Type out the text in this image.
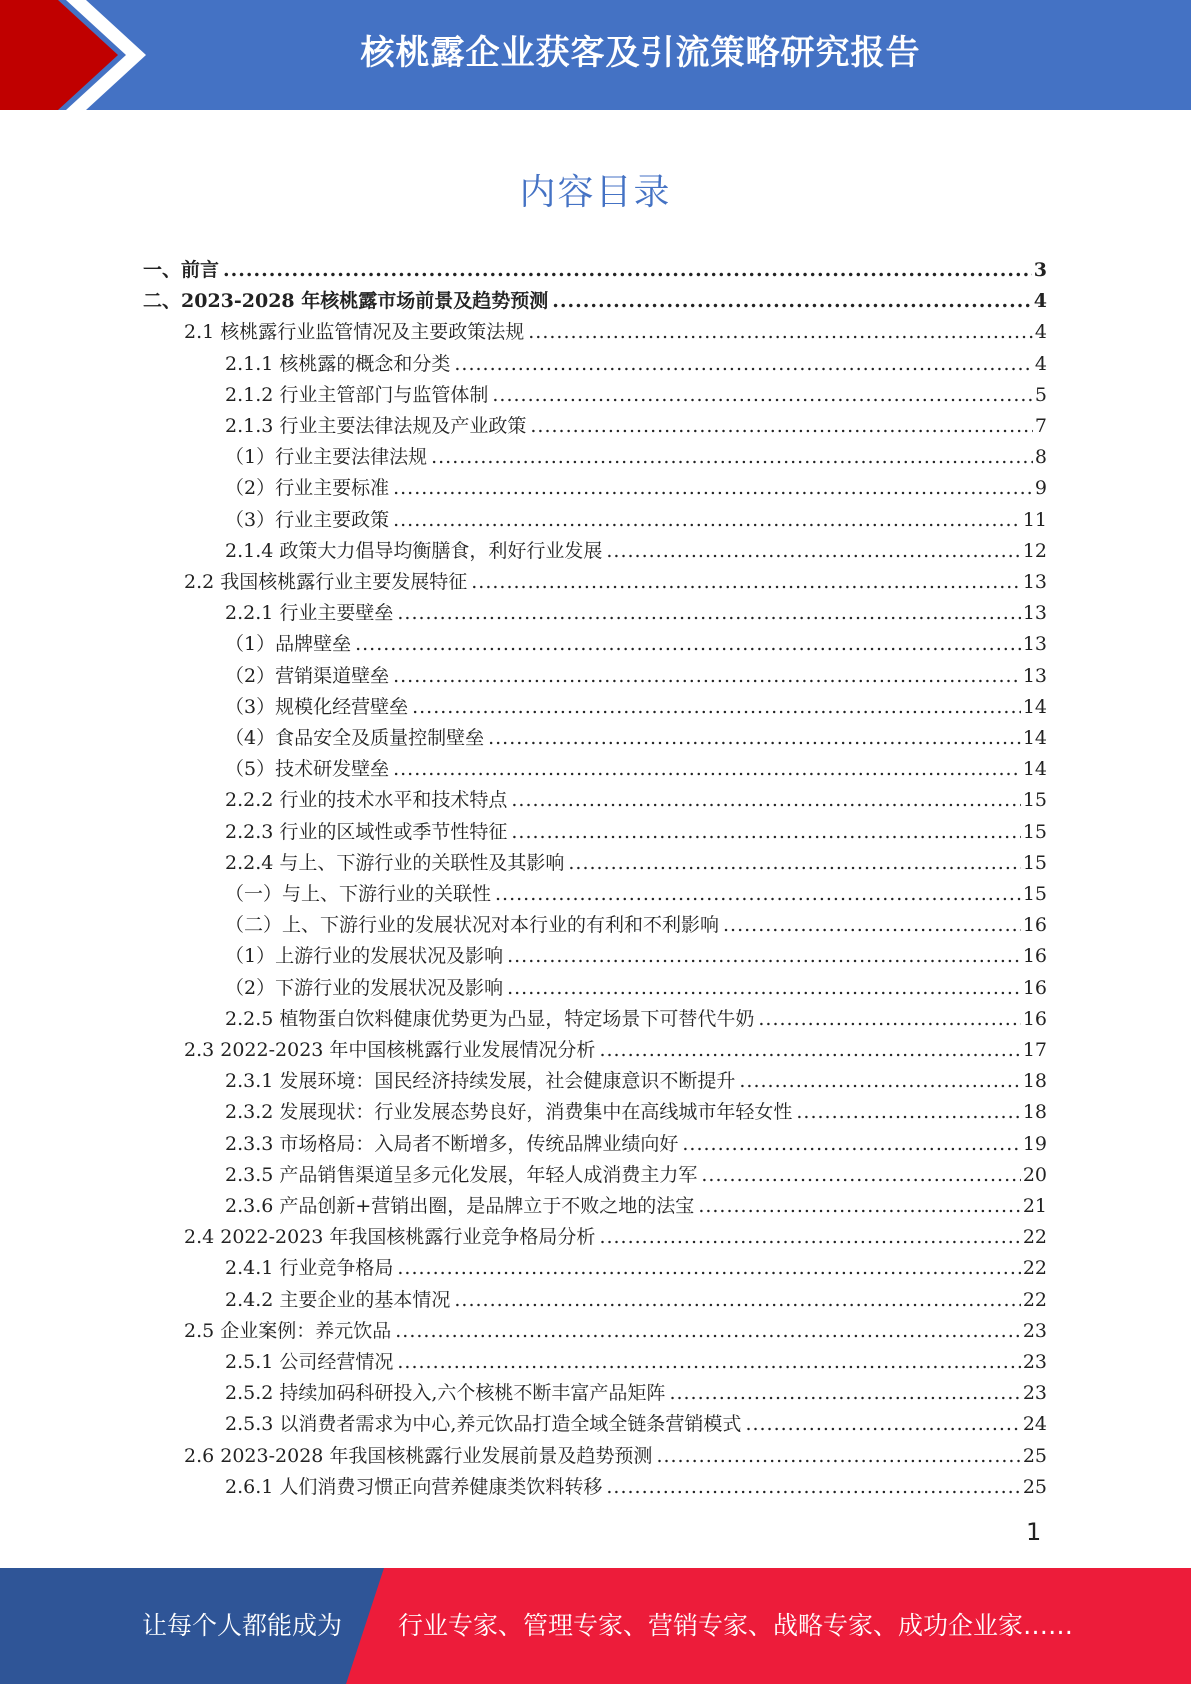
核桃露企业获客及引流策略研究报告
内容目录
一、前言 .....	3
二、2023-2028 年核桃露市场前景及趋势预测 .....	4
2.1 核桃露行业监管情况及主要政策法规 .....	4
2.1.1 核桃露的概念和分类 .....	4
2.1.2 行业主管部门与监管体制 .....	5
2.1.3 行业主要法律法规及产业政策 .....	7
（1）行业主要法律法规 .....	8
（2）行业主要标准 .....	9
（3）行业主要政策 .....	11
2.1.4 政策大力倡导均衡膳食，利好行业发展 .....	12
2.2 我国核桃露行业主要发展特征 .....	13
2.2.1 行业主要壁垒 .....	13
（1）品牌壁垒 .....	13
（2）营销渠道壁垒 .....	13
（3）规模化经营壁垒 .....	14
（4）食品安全及质量控制壁垒 .....	14
（5）技术研发壁垒 .....	14
2.2.2 行业的技术水平和技术特点 .....	15
2.2.3 行业的区域性或季节性特征 .....	15
2.2.4 与上、下游行业的关联性及其影响 .....	15
（一）与上、下游行业的关联性 .....	15
（二）上、下游行业的发展状况对本行业的有利和不利影响 .....	16
（1）上游行业的发展状况及影响 .....	16
（2）下游行业的发展状况及影响 .....	16
2.2.5 植物蛋白饮料健康优势更为凸显，特定场景下可替代牛奶 .....	16
2.3 2022-2023 年中国核桃露行业发展情况分析 .....	17
2.3.1 发展环境：国民经济持续发展，社会健康意识不断提升 .....	18
2.3.2 发展现状：行业发展态势良好，消费集中在高线城市年轻女性 .....	18
2.3.3 市场格局：入局者不断增多，传统品牌业绩向好 .....	19
2.3.5 产品销售渠道呈多元化发展，年轻人成消费主力军 .....	20
2.3.6 产品创新+营销出圈，是品牌立于不败之地的法宝 .....	21
2.4 2022-2023 年我国核桃露行业竞争格局分析 .....	22
2.4.1 行业竞争格局 .....	22
2.4.2 主要企业的基本情况 .....	22
2.5 企业案例：养元饮品 .....	23
2.5.1 公司经营情况 .....	23
2.5.2 持续加码科研投入,六个核桃不断丰富产品矩阵 .....	23
2.5.3 以消费者需求为中心,养元饮品打造全域全链条营销模式 .....	24
2.6 2023-2028 年我国核桃露行业发展前景及趋势预测 .....	25
2.6.1 人们消费习惯正向营养健康类饮料转移 .....	25
1
让每个人都能成为 行业专家、管理专家、营销专家、战略专家、成功企业家……
